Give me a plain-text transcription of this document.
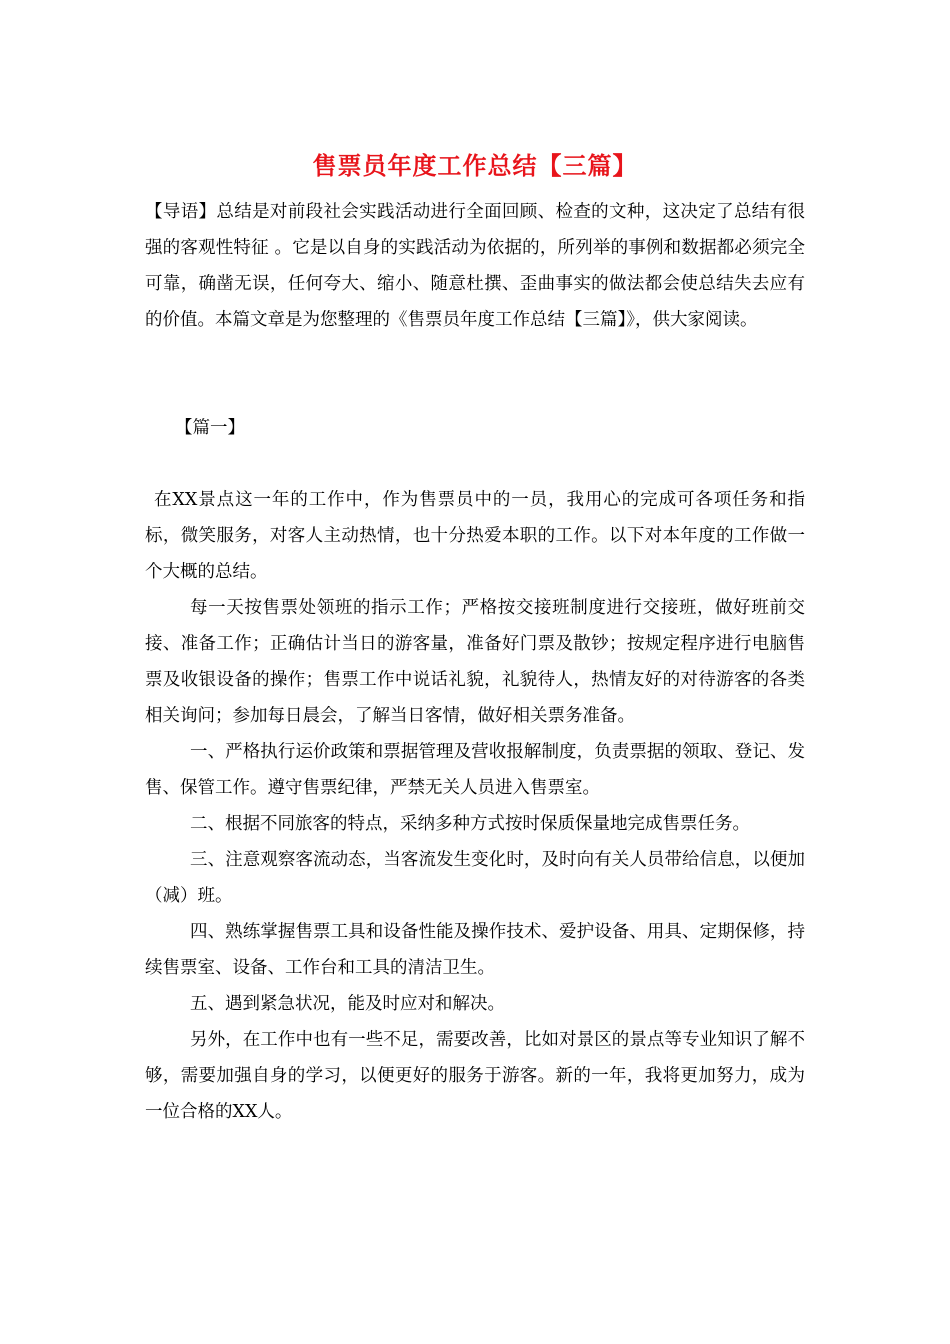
售票员年度工作总结【三篇】

【导语】总结是对前段社会实践活动进行全面回顾、检查的文种，这决定了总结有很强的客观性特征 。它是以自身的实践活动为依据的，所列举的事例和数据都必须完全可靠，确凿无误，任何夸大、缩小、随意杜撰、歪曲事实的做法都会使总结失去应有的价值。本篇文章是为您整理的《售票员年度工作总结【三篇】》，供大家阅读。

【篇一】

在XX景点这一年的工作中，作为售票员中的一员，我用心的完成可各项任务和指标，微笑服务，对客人主动热情，也十分热爱本职的工作。以下对本年度的工作做一个大概的总结。

每一天按售票处领班的指示工作；严格按交接班制度进行交接班，做好班前交接、准备工作；正确估计当日的游客量，准备好门票及散钞；按规定程序进行电脑售票及收银设备的操作；售票工作中说话礼貌，礼貌待人，热情友好的对待游客的各类相关询问；参加每日晨会，了解当日客情，做好相关票务准备。

一、严格执行运价政策和票据管理及营收报解制度，负责票据的领取、登记、发售、保管工作。遵守售票纪律，严禁无关人员进入售票室。

二、根据不同旅客的特点，采纳多种方式按时保质保量地完成售票任务。

三、注意观察客流动态，当客流发生变化时，及时向有关人员带给信息，以便加（减）班。

四、熟练掌握售票工具和设备性能及操作技术、爱护设备、用具、定期保修，持续售票室、设备、工作台和工具的清洁卫生。

五、遇到紧急状况，能及时应对和解决。

另外，在工作中也有一些不足，需要改善，比如对景区的景点等专业知识了解不够，需要加强自身的学习，以便更好的服务于游客。新的一年，我将更加努力，成为一位合格的XX人。
